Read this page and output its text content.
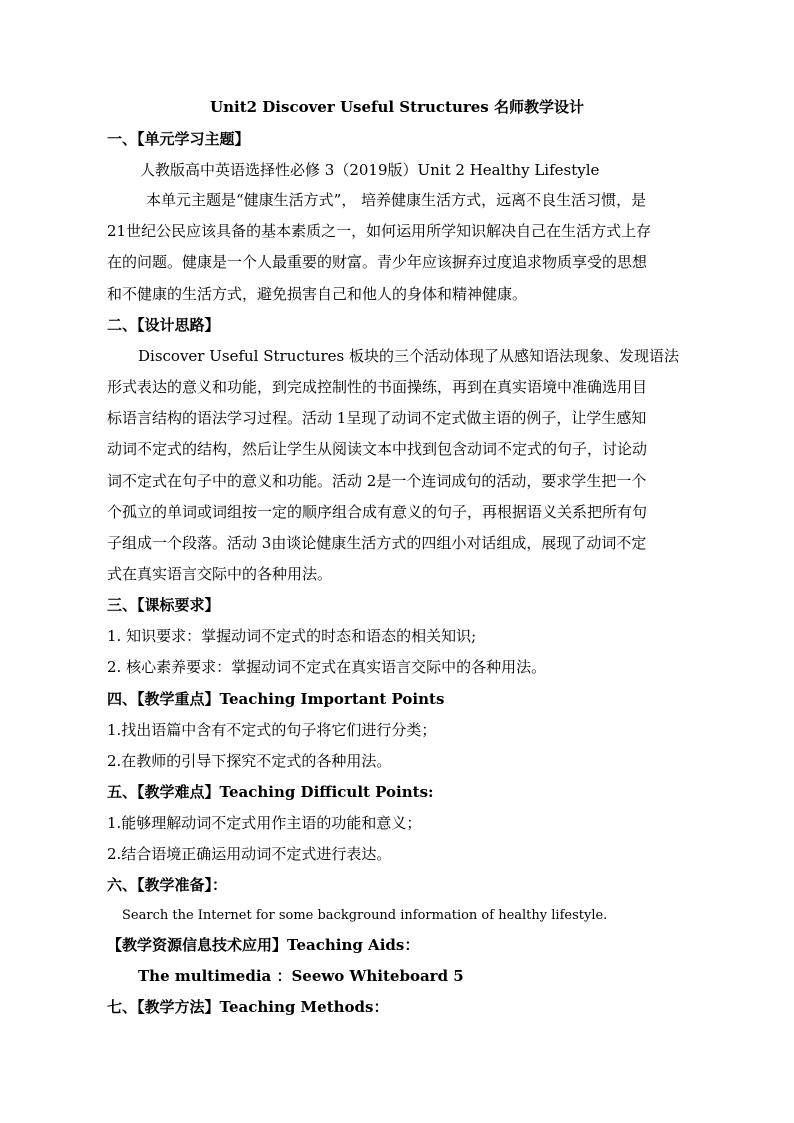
Unit2 Discover Useful Structures 名师教学设计
一、【单元学习主题】
人教版高中英语选择性必修 3（2019版）Unit 2 Healthy Lifestyle
本单元主题是“健康生活方式”， 培养健康生活方式，远离不良生活习惯，是
21世纪公民应该具备的基本素质之一，如何运用所学知识解决自己在生活方式上存
在的问题。健康是一个人最重要的财富。青少年应该摒弃过度追求物质享受的思想
和不健康的生活方式，避免损害自己和他人的身体和精神健康。
二、【设计思路】
Discover Useful Structures 板块的三个活动体现了从感知语法现象、发现语法
形式表达的意义和功能，到完成控制性的书面操练，再到在真实语境中准确选用目
标语言结构的语法学习过程。活动 1呈现了动词不定式做主语的例子，让学生感知
动词不定式的结构，然后让学生从阅读文本中找到包含动词不定式的句子，讨论动
词不定式在句子中的意义和功能。活动 2是一个连词成句的活动，要求学生把一个
个孤立的单词或词组按一定的顺序组合成有意义的句子，再根据语义关系把所有句
子组成一个段落。活动 3由谈论健康生活方式的四组小对话组成，展现了动词不定
式在真实语言交际中的各种用法。
三、【课标要求】
1. 知识要求：掌握动词不定式的时态和语态的相关知识;
2. 核心素养要求：掌握动词不定式在真实语言交际中的各种用法。
四、【教学重点】Teaching Important Points
1.找出语篇中含有不定式的句子将它们进行分类；
2.在教师的引导下探究不定式的各种用法。
五、【教学难点】Teaching Difficult Points:
1.能够理解动词不定式用作主语的功能和意义；
2.结合语境正确运用动词不定式进行表达。
六、【教学准备】：
Search the Internet for some background information of healthy lifestyle.
【教学资源信息技术应用】Teaching Aids：
The multimedia ：Seewo Whiteboard 5
七、【教学方法】Teaching Methods：
